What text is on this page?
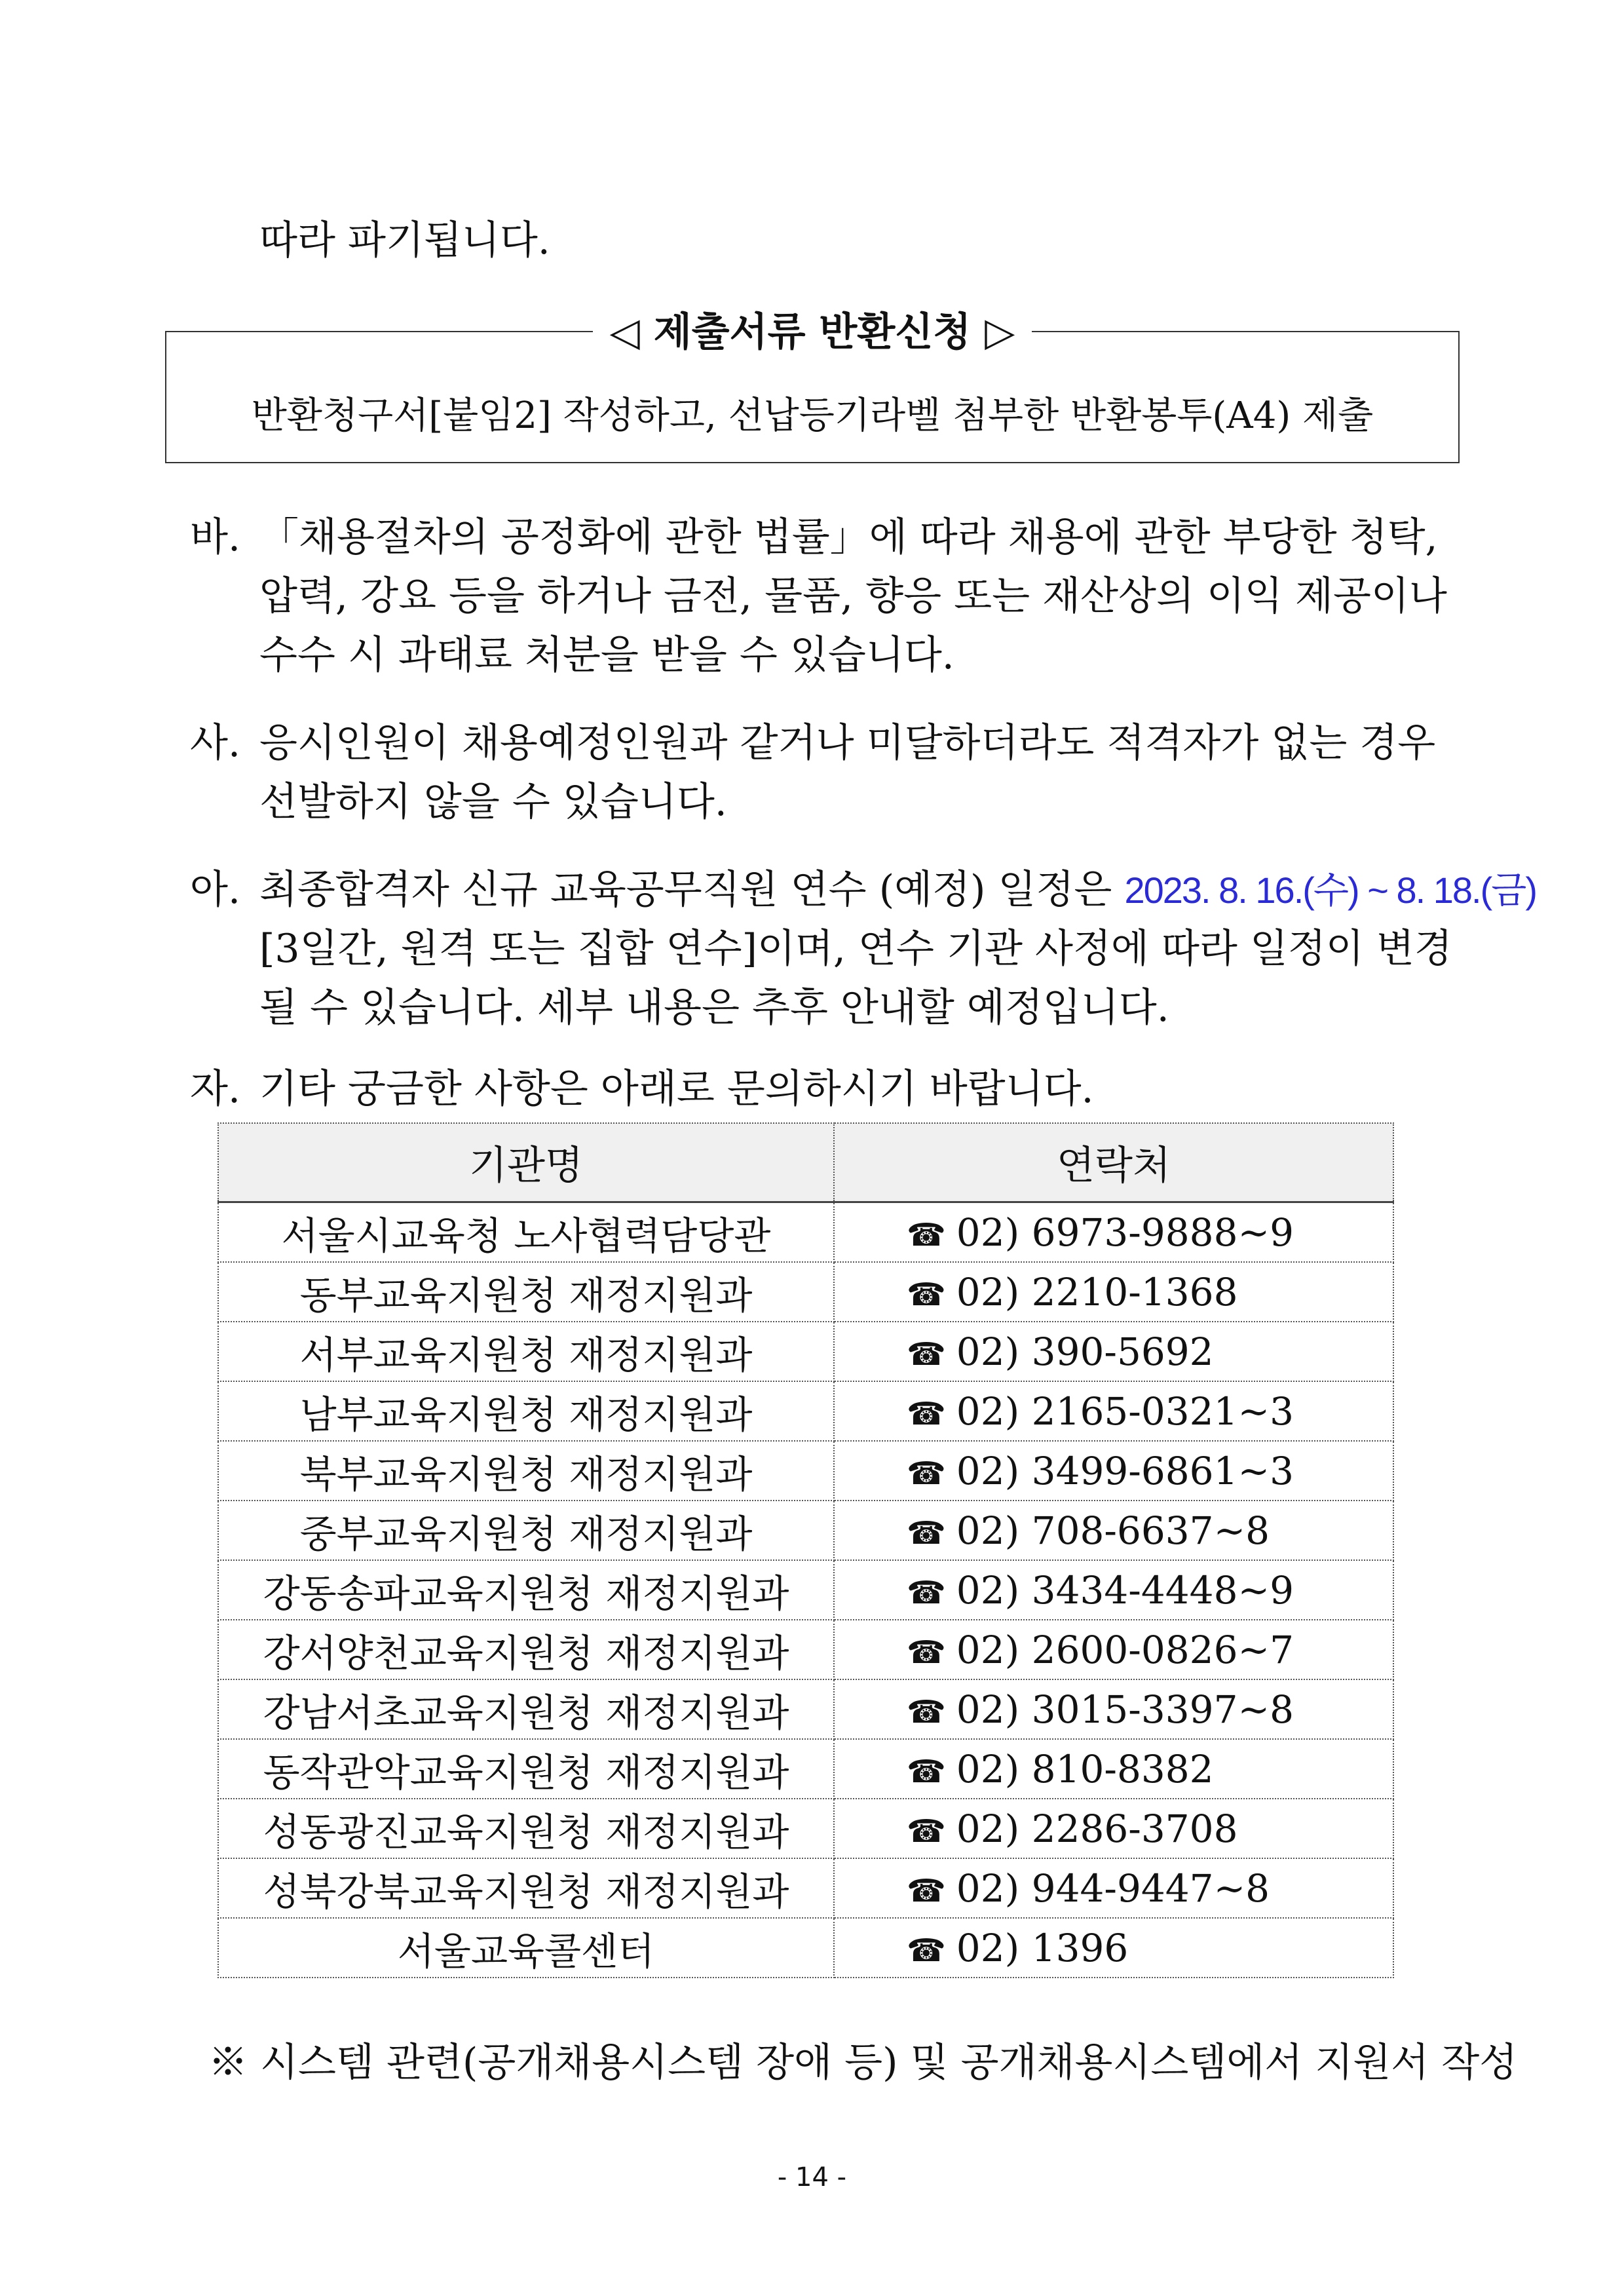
따라 파기됩니다.
◁ 제출서류 반환신청 ▷
반환청구서[붙임2] 작성하고, 선납등기라벨 첨부한 반환봉투(A4) 제출
바. 「채용절차의 공정화에 관한 법률」에 따라 채용에 관한 부당한 청탁,
압력, 강요 등을 하거나 금전, 물품, 향응 또는 재산상의 이익 제공이나
수수 시 과태료 처분을 받을 수 있습니다.
사. 응시인원이 채용예정인원과 같거나 미달하더라도 적격자가 없는 경우
선발하지 않을 수 있습니다.
아. 최종합격자 신규 교육공무직원 연수 (예정) 일정은 2023. 8. 16.(수) ~ 8. 18.(금)
[3일간, 원격 또는 집합 연수]이며, 연수 기관 사정에 따라 일정이 변경
될 수 있습니다. 세부 내용은 추후 안내할 예정입니다.
자. 기타 궁금한 사항은 아래로 문의하시기 바랍니다.
기관명	연락처
서울시교육청 노사협력담당관	☎ 02) 6973-9888~9
동부교육지원청 재정지원과	☎ 02) 2210-1368
서부교육지원청 재정지원과	☎ 02) 390-5692
남부교육지원청 재정지원과	☎ 02) 2165-0321~3
북부교육지원청 재정지원과	☎ 02) 3499-6861~3
중부교육지원청 재정지원과	☎ 02) 708-6637~8
강동송파교육지원청 재정지원과	☎ 02) 3434-4448~9
강서양천교육지원청 재정지원과	☎ 02) 2600-0826~7
강남서초교육지원청 재정지원과	☎ 02) 3015-3397~8
동작관악교육지원청 재정지원과	☎ 02) 810-8382
성동광진교육지원청 재정지원과	☎ 02) 2286-3708
성북강북교육지원청 재정지원과	☎ 02) 944-9447~8
서울교육콜센터	☎ 02) 1396
※ 시스템 관련(공개채용시스템 장애 등) 및 공개채용시스템에서 지원서 작성
- 14 -
